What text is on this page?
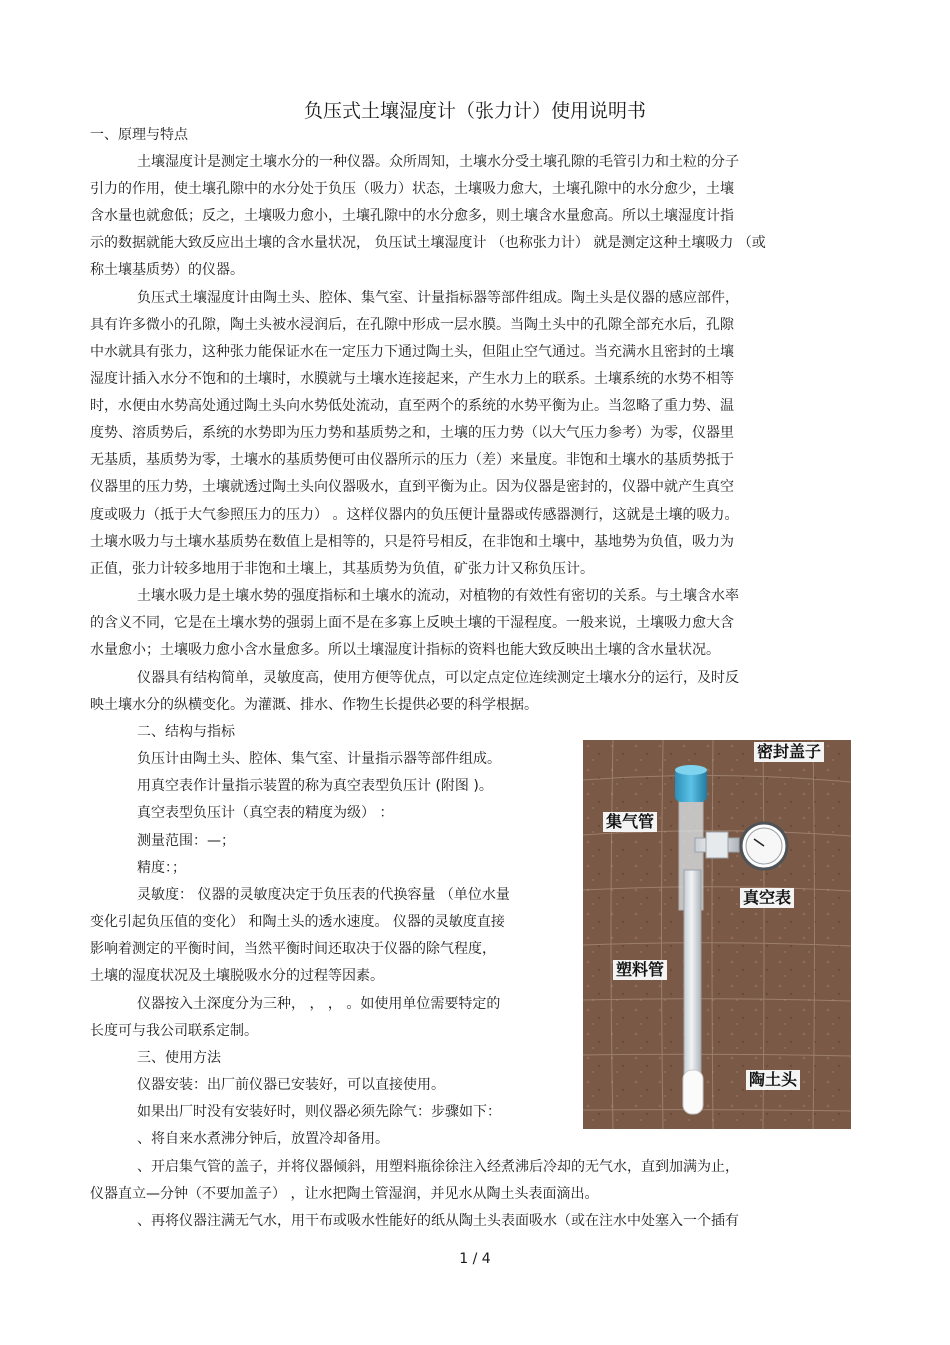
负压式土壤湿度计（张力计）使用说明书
一、原理与特点
土壤湿度计是测定土壤水分的一种仪器。众所周知，土壤水分受土壤孔隙的毛管引力和土粒的分子
引力的作用，使土壤孔隙中的水分处于负压（吸力）状态，土壤吸力愈大，土壤孔隙中的水分愈少，土壤
含水量也就愈低；反之，土壤吸力愈小，土壤孔隙中的水分愈多，则土壤含水量愈高。所以土壤湿度计指
示的数据就能大致反应出土壤的含水量状况， 负压试土壤湿度计 （也称张力计） 就是测定这种土壤吸力 （或
称土壤基质势）的仪器。
负压式土壤湿度计由陶土头、腔体、集气室、计量指标器等部件组成。陶土头是仪器的感应部件，
具有许多微小的孔隙，陶土头被水浸润后，在孔隙中形成一层水膜。当陶土头中的孔隙全部充水后，孔隙
中水就具有张力，这种张力能保证水在一定压力下通过陶土头，但阻止空气通过。当充满水且密封的土壤
湿度计插入水分不饱和的土壤时，水膜就与土壤水连接起来，产生水力上的联系。土壤系统的水势不相等
时，水便由水势高处通过陶土头向水势低处流动，直至两个的系统的水势平衡为止。当忽略了重力势、温
度势、溶质势后，系统的水势即为压力势和基质势之和，土壤的压力势（以大气压力参考）为零，仪器里
无基质，基质势为零，土壤水的基质势便可由仪器所示的压力（差）来量度。非饱和土壤水的基质势抵于
仪器里的压力势，土壤就透过陶土头向仪器吸水，直到平衡为止。因为仪器是密封的，仪器中就产生真空
度或吸力（抵于大气参照压力的压力） 。这样仪器内的负压便计量器或传感器测行，这就是土壤的吸力。
土壤水吸力与土壤水基质势在数值上是相等的，只是符号相反，在非饱和土壤中，基地势为负值，吸力为
正值，张力计较多地用于非饱和土壤上，其基质势为负值，矿张力计又称负压计。
土壤水吸力是土壤水势的强度指标和土壤水的流动，对植物的有效性有密切的关系。与土壤含水率
的含义不同，它是在土壤水势的强弱上面不是在多寡上反映土壤的干湿程度。一般来说，土壤吸力愈大含
水量愈小；土壤吸力愈小含水量愈多。所以土壤湿度计指标的资料也能大致反映出土壤的含水量状况。
仪器具有结构简单，灵敏度高，使用方便等优点，可以定点定位连续测定土壤水分的运行，及时反
映土壤水分的纵横变化。为灌溉、排水、作物生长提供必要的科学根据。
二、结构与指标
负压计由陶土头、腔体、集气室、计量指示器等部件组成。
用真空表作计量指示装置的称为真空表型负压计 (附图 )。
真空表型负压计（真空表的精度为级） ：
测量范围：—；
精度：；
灵敏度： 仪器的灵敏度决定于负压表的代换容量 （单位水量
变化引起负压值的变化） 和陶土头的透水速度。 仪器的灵敏度直接
影响着测定的平衡时间，当然平衡时间还取决于仪器的除气程度，
土壤的湿度状况及土壤脱吸水分的过程等因素。
仪器按入土深度分为三种， ， ， 。如使用单位需要特定的
长度可与我公司联系定制。
三、使用方法
仪器安装：出厂前仪器已安装好，可以直接使用。
如果出厂时没有安装好时，则仪器必须先除气：步骤如下：
、将自来水煮沸分钟后，放置冷却备用。
、开启集气管的盖子，并将仪器倾斜，用塑料瓶徐徐注入经煮沸后冷却的无气水，直到加满为止，
仪器直立—分钟（不要加盖子） ，让水把陶土管湿润，并见水从陶土头表面滴出。
、再将仪器注满无气水，用干布或吸水性能好的纸从陶土头表面吸水（或在注水中处塞入一个插有
密封盖子
集气管
真空表
塑料管
陶土头
1 / 4
